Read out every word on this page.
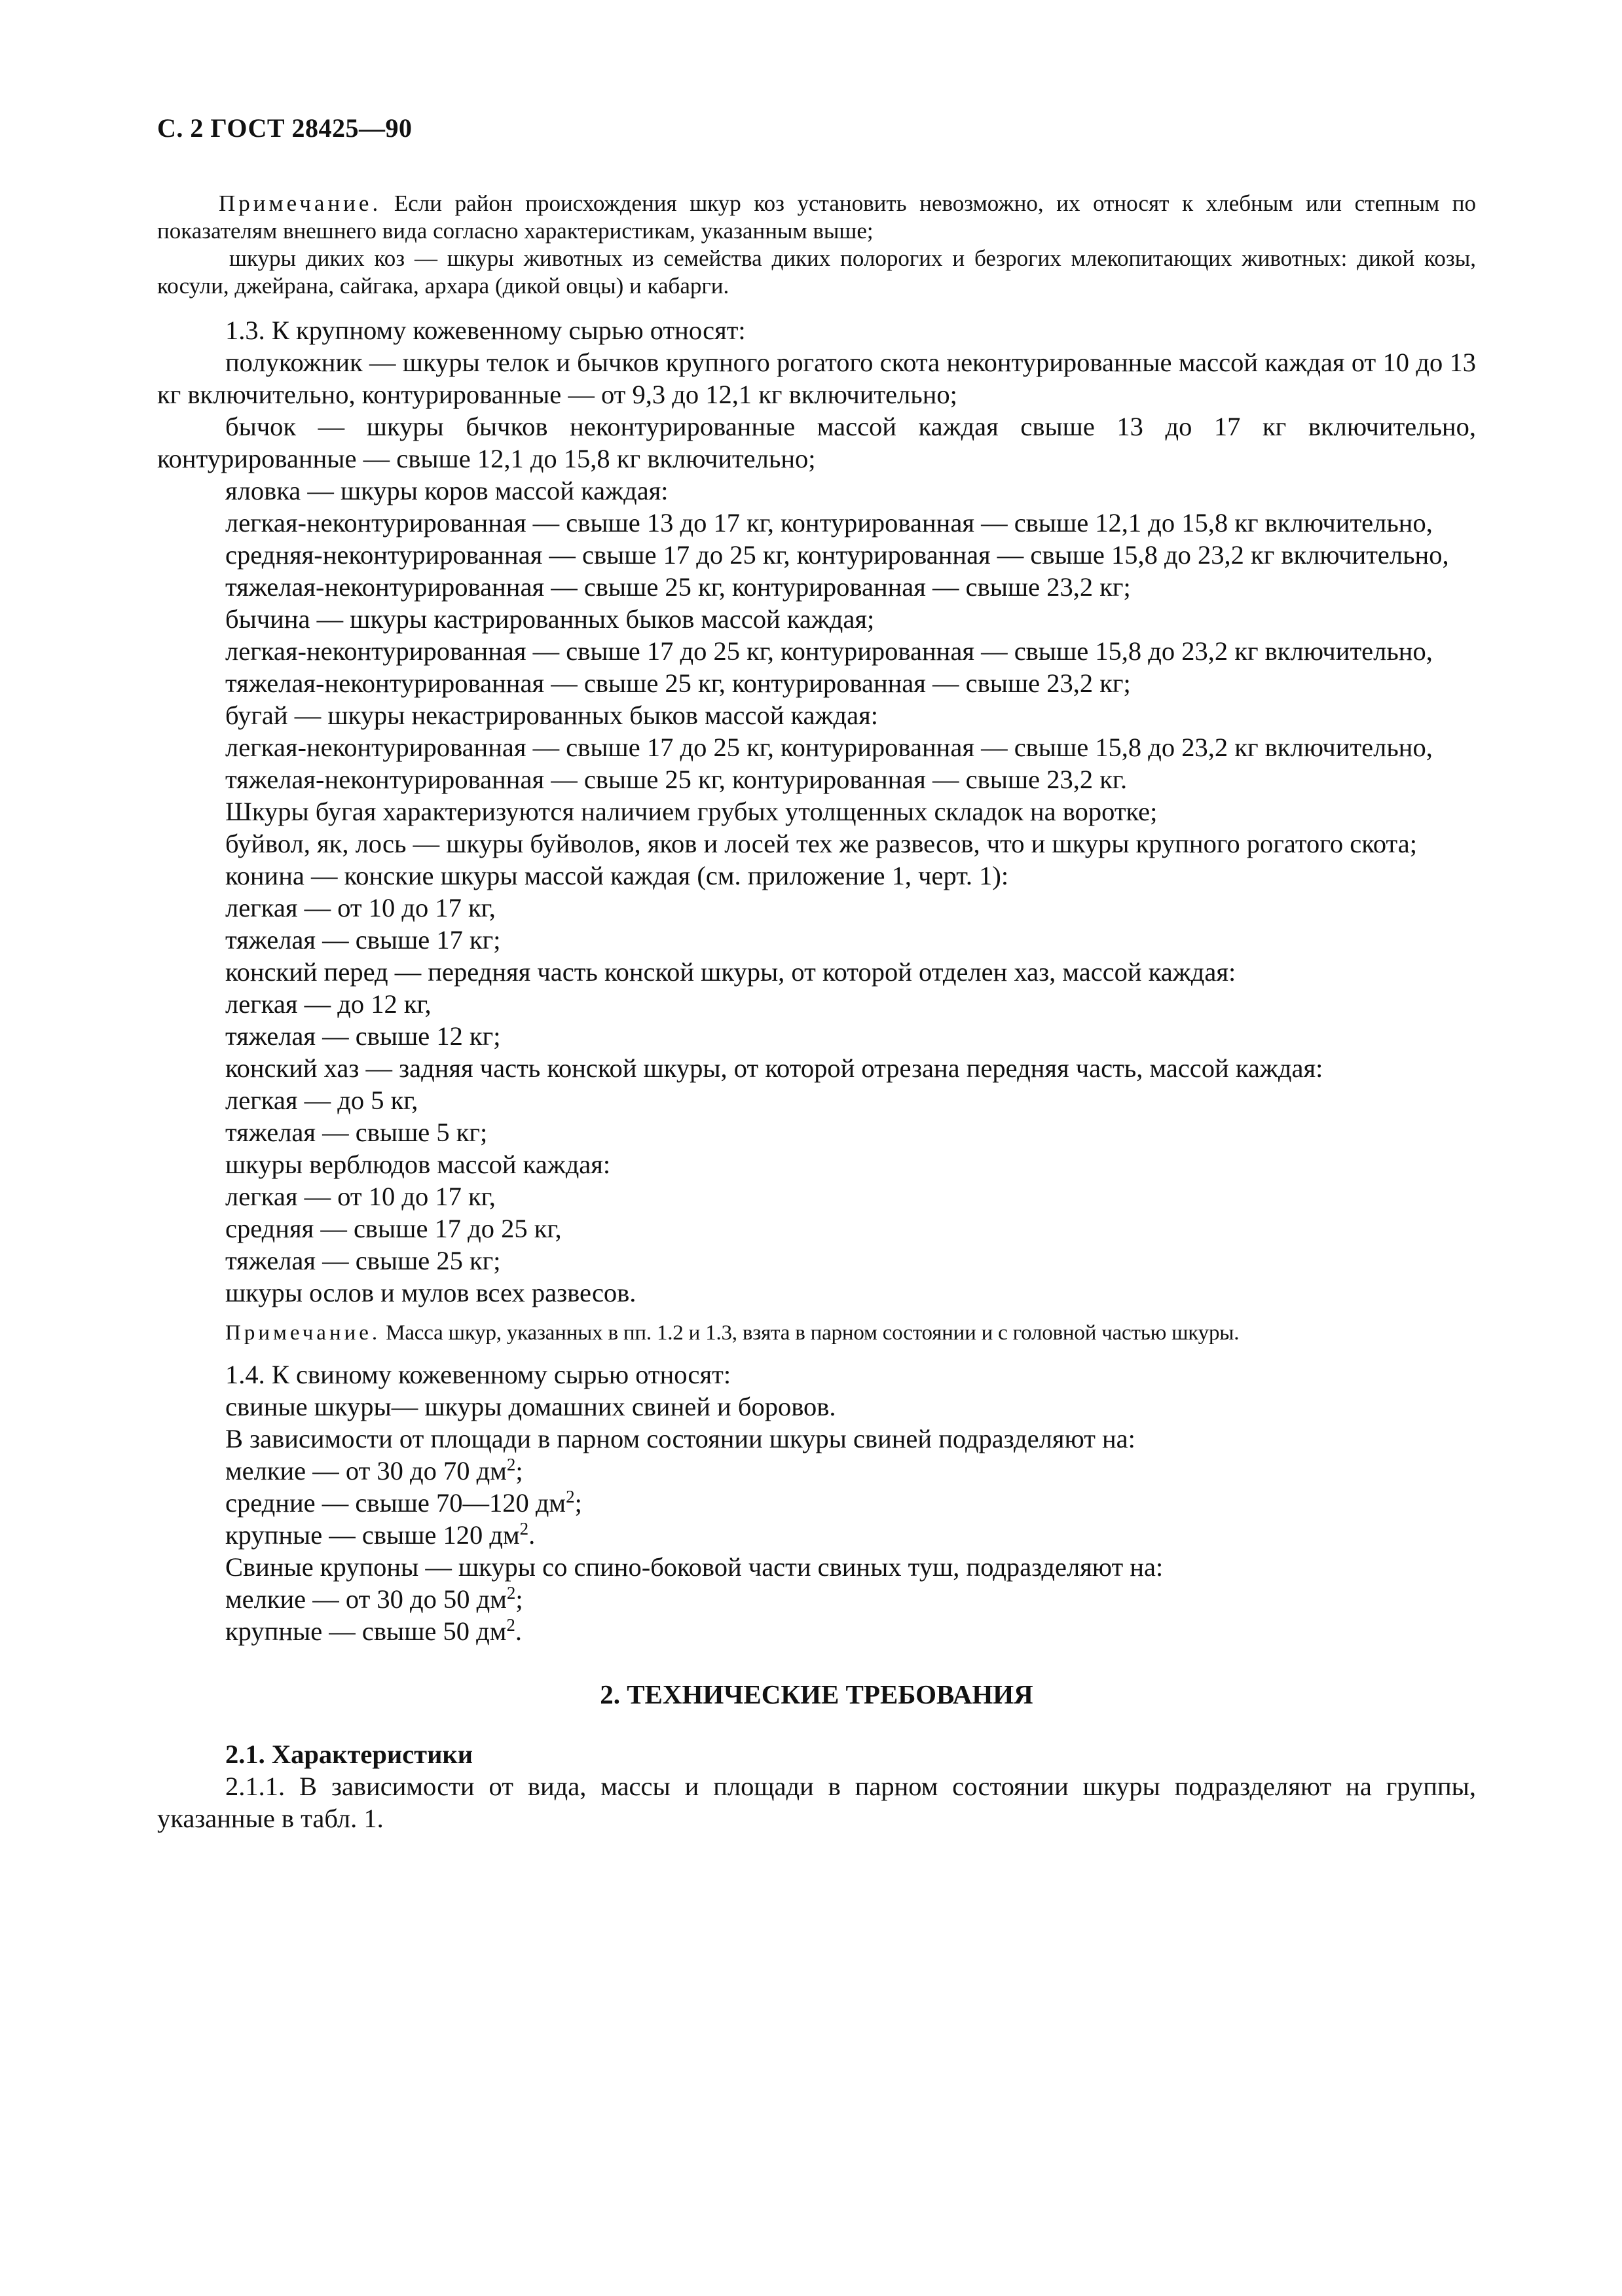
С. 2 ГОСТ 28425—90

Примечание. Если район происхождения шкур коз установить невозможно, их относят к хлебным или степным по показателям внешнего вида согласно характеристикам, указанным выше;

шкуры диких коз — шкуры животных из семейства диких полорогих и безрогих млекопитающих животных: дикой козы, косули, джейрана, сайгака, архара (дикой овцы) и кабарги.

1.3. К крупному кожевенному сырью относят:

полукожник — шкуры телок и бычков крупного рогатого скота неконтурированные массой каждая от 10 до 13 кг включительно, контурированные — от 9,3 до 12,1 кг включительно;

бычок — шкуры бычков неконтурированные массой каждая свыше 13 до 17 кг включительно, контурированные — свыше 12,1 до 15,8 кг включительно;

яловка — шкуры коров массой каждая:

легкая-неконтурированная — свыше 13 до 17 кг, контурированная — свыше 12,1 до 15,8 кг включительно,

средняя-неконтурированная — свыше 17 до 25 кг, контурированная — свыше 15,8 до 23,2 кг включительно,

тяжелая-неконтурированная — свыше 25 кг, контурированная — свыше 23,2 кг;

бычина — шкуры кастрированных быков массой каждая;

легкая-неконтурированная — свыше 17 до 25 кг, контурированная — свыше 15,8 до 23,2 кг включительно,

тяжелая-неконтурированная — свыше 25 кг, контурированная — свыше 23,2 кг;

бугай — шкуры некастрированных быков массой каждая:

легкая-неконтурированная — свыше 17 до 25 кг, контурированная — свыше 15,8 до 23,2 кг включительно,

тяжелая-неконтурированная — свыше 25 кг, контурированная — свыше 23,2 кг.

Шкуры бугая характеризуются наличием грубых утолщенных складок на воротке;

буйвол, як, лось — шкуры буйволов, яков и лосей тех же развесов, что и шкуры крупного рогатого скота;

конина — конские шкуры массой каждая (см. приложение 1, черт. 1):

легкая — от 10 до 17 кг,

тяжелая — свыше 17 кг;

конский перед — передняя часть конской шкуры, от которой отделен хаз, массой каждая:

легкая — до 12 кг,

тяжелая — свыше 12 кг;

конский хаз — задняя часть конской шкуры, от которой отрезана передняя часть, массой каждая:

легкая — до 5 кг,

тяжелая — свыше 5 кг;

шкуры верблюдов массой каждая:

легкая — от 10 до 17 кг,

средняя — свыше 17 до 25 кг,

тяжелая — свыше 25 кг;

шкуры ослов и мулов всех развесов.

Примечание. Масса шкур, указанных в пп. 1.2 и 1.3, взята в парном состоянии и с головной частью шкуры.

1.4. К свиному кожевенному сырью относят:

свиные шкуры— шкуры домашних свиней и боровов.

В зависимости от площади в парном состоянии шкуры свиней подразделяют на:

мелкие — от 30 до 70 $дм^2$;

средние — свыше 70—120 $дм^2$;

крупные — свыше 120 $дм^2$.

Свиные крупоны — шкуры со спино-боковой части свиных туш, подразделяют на:

мелкие — от 30 до 50 $дм^2$;

крупные — свыше 50 $дм^2$.

2. ТЕХНИЧЕСКИЕ ТРЕБОВАНИЯ

2.1. Характеристики

2.1.1. В зависимости от вида, массы и площади в парном состоянии шкуры подразделяют на группы, указанные в табл. 1.
